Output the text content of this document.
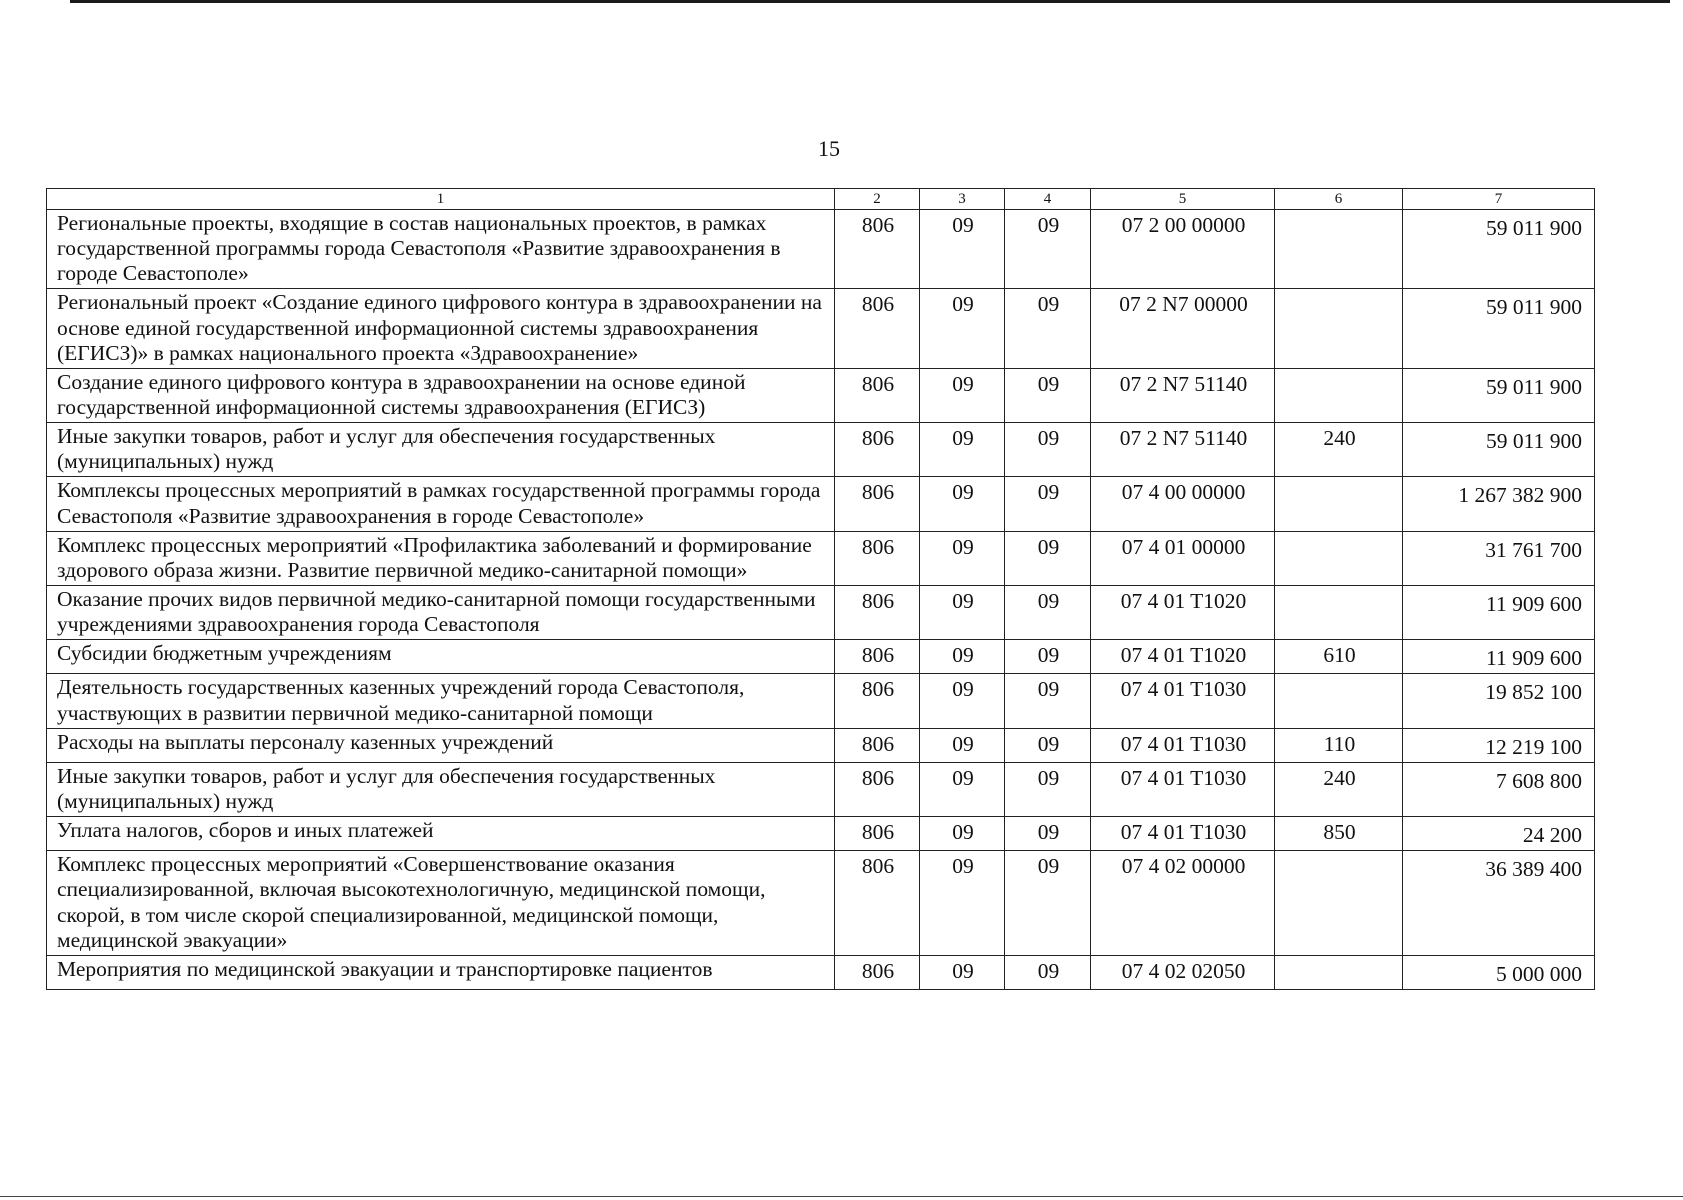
15
1	2	3	4	5	6	7
Региональные проекты, входящие в состав национальных проектов, в рамках государственной программы города Севастополя «Развитие здравоохранения в городе Севастополе»	806	09	09	07 2 00 00000		59 011 900
Региональный проект «Создание единого цифрового контура в здравоохранении на основе единой государственной информационной системы здравоохранения (ЕГИСЗ)» в рамках национального проекта «Здравоохранение»	806	09	09	07 2 N7 00000		59 011 900
Создание единого цифрового контура в здравоохранении на основе единой государственной информационной системы здравоохранения (ЕГИСЗ)	806	09	09	07 2 N7 51140		59 011 900
Иные закупки товаров, работ и услуг для обеспечения государственных (муниципальных) нужд	806	09	09	07 2 N7 51140	240	59 011 900
Комплексы процессных мероприятий в рамках государственной программы города Севастополя «Развитие здравоохранения в городе Севастополе»	806	09	09	07 4 00 00000		1 267 382 900
Комплекс процессных мероприятий «Профилактика заболеваний и формирование здорового образа жизни. Развитие первичной медико-санитарной помощи»	806	09	09	07 4 01 00000		31 761 700
Оказание прочих видов первичной медико-санитарной помощи государственными учреждениями здравоохранения города Севастополя	806	09	09	07 4 01 T1020		11 909 600
Субсидии бюджетным учреждениям	806	09	09	07 4 01 T1020	610	11 909 600
Деятельность государственных казенных учреждений города Севастополя, участвующих в развитии первичной медико-санитарной помощи	806	09	09	07 4 01 T1030		19 852 100
Расходы на выплаты персоналу казенных учреждений	806	09	09	07 4 01 T1030	110	12 219 100
Иные закупки товаров, работ и услуг для обеспечения государственных (муниципальных) нужд	806	09	09	07 4 01 T1030	240	7 608 800
Уплата налогов, сборов и иных платежей	806	09	09	07 4 01 T1030	850	24 200
Комплекс процессных мероприятий «Совершенствование оказания специализированной, включая высокотехнологичную, медицинской помощи, скорой, в том числе скорой специализированной, медицинской помощи, медицинской эвакуации»	806	09	09	07 4 02 00000		36 389 400
Мероприятия по медицинской эвакуации и транспортировке пациентов	806	09	09	07 4 02 02050		5 000 000
